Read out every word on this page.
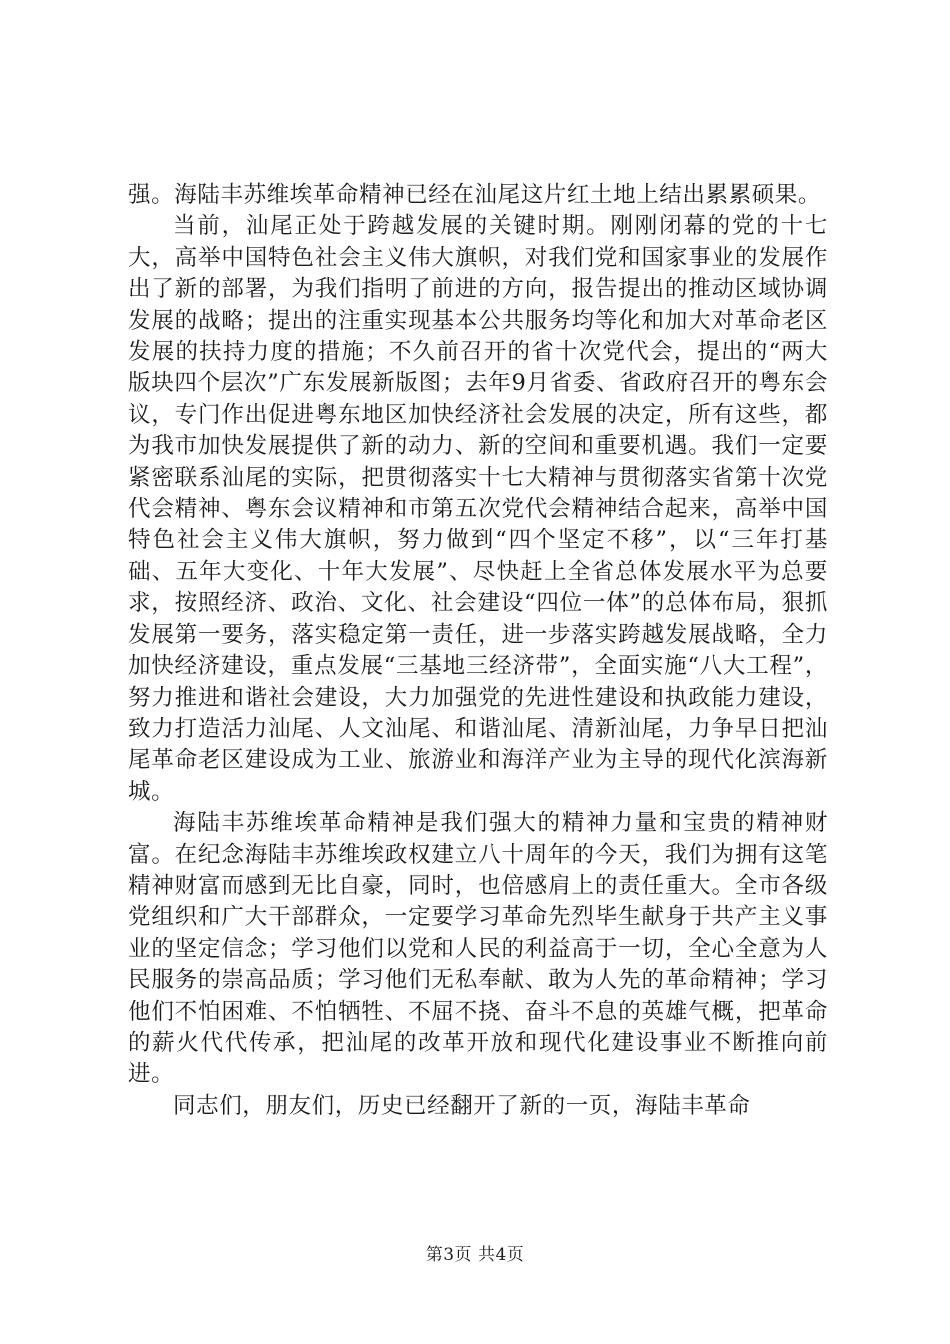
强。海陆丰苏维埃革命精神已经在汕尾这片红土地上结出累累硕果。

当前，汕尾正处于跨越发展的关键时期。刚刚闭幕的党的十七大，高举中国特色社会主义伟大旗帜，对我们党和国家事业的发展作出了新的部署，为我们指明了前进的方向，报告提出的推动区域协调发展的战略；提出的注重实现基本公共服务均等化和加大对革命老区发展的扶持力度的措施；不久前召开的省十次党代会，提出的“两大版块四个层次”广东发展新版图；去年9月省委、省政府召开的粤东会议，专门作出促进粤东地区加快经济社会发展的决定，所有这些，都为我市加快发展提供了新的动力、新的空间和重要机遇。我们一定要紧密联系汕尾的实际，把贯彻落实十七大精神与贯彻落实省第十次党代会精神、粤东会议精神和市第五次党代会精神结合起来，高举中国特色社会主义伟大旗帜，努力做到“四个坚定不移”，以“三年打基础、五年大变化、十年大发展”、尽快赶上全省总体发展水平为总要求，按照经济、政治、文化、社会建设“四位一体”的总体布局，狠抓发展第一要务，落实稳定第一责任，进一步落实跨越发展战略，全力加快经济建设，重点发展“三基地三经济带”，全面实施“八大工程”，努力推进和谐社会建设，大力加强党的先进性建设和执政能力建设，致力打造活力汕尾、人文汕尾、和谐汕尾、清新汕尾，力争早日把汕尾革命老区建设成为工业、旅游业和海洋产业为主导的现代化滨海新城。

海陆丰苏维埃革命精神是我们强大的精神力量和宝贵的精神财富。在纪念海陆丰苏维埃政权建立八十周年的今天，我们为拥有这笔精神财富而感到无比自豪，同时，也倍感肩上的责任重大。全市各级党组织和广大干部群众，一定要学习革命先烈毕生献身于共产主义事业的坚定信念；学习他们以党和人民的利益高于一切，全心全意为人民服务的崇高品质；学习他们无私奉献、敢为人先的革命精神；学习他们不怕困难、不怕牺牲、不屈不挠、奋斗不息的英雄气概，把革命的薪火代代传承，把汕尾的改革开放和现代化建设事业不断推向前进。

同志们，朋友们，历史已经翻开了新的一页，海陆丰革命

第3页 共4页
